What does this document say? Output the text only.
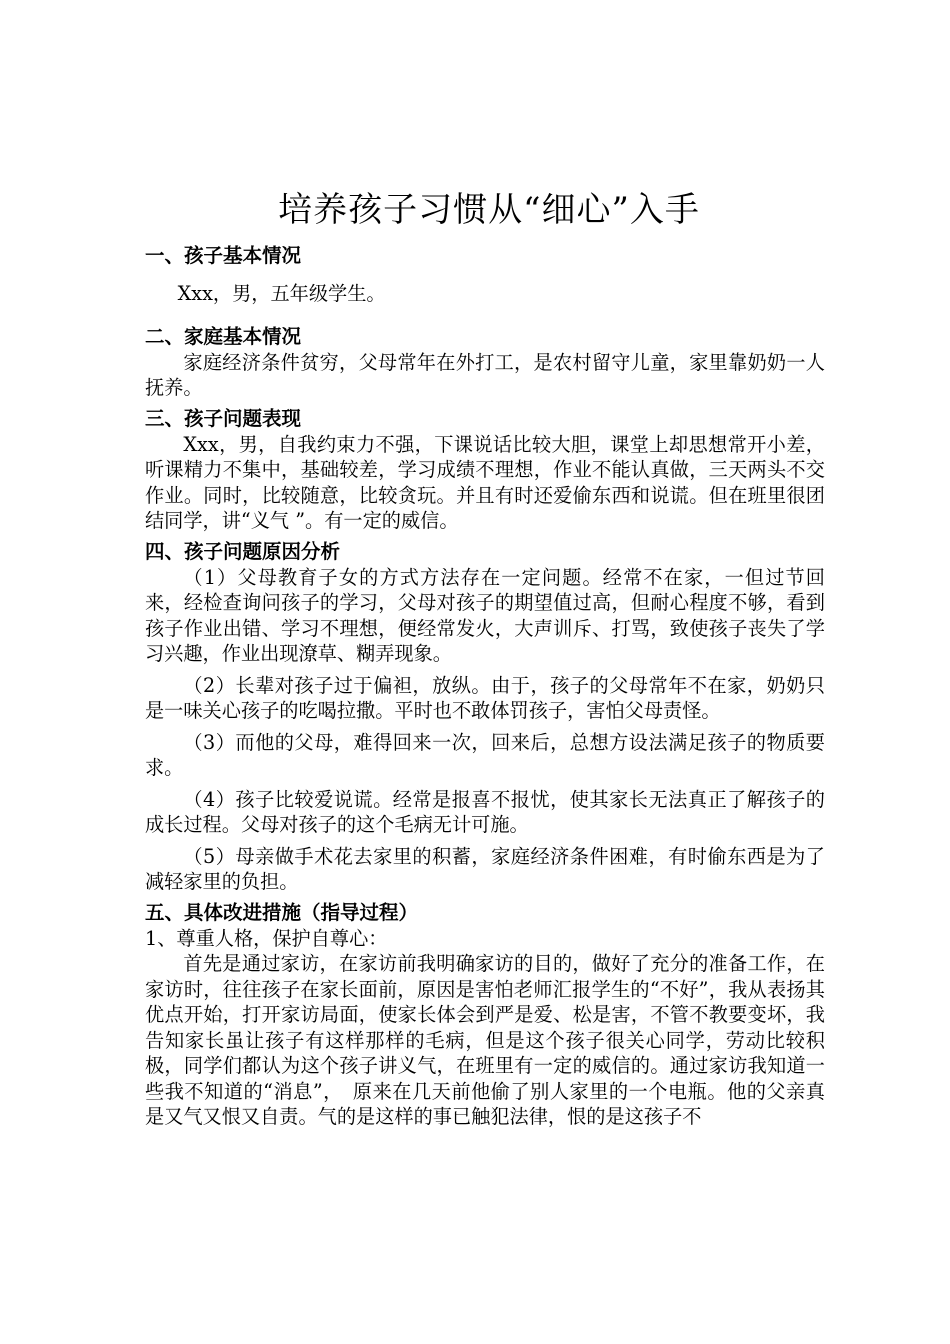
培养孩子习惯从“细心”入手
一、孩子基本情况

Xxx，男，五年级学生。

二、家庭基本情况

家庭经济条件贫穷，父母常年在外打工，是农村留守儿童，家里靠奶奶一人抚养。

三、孩子问题表现

Xxx，男，自我约束力不强，下课说话比较大胆，课堂上却思想常开小差，听课精力不集中，基础较差，学习成绩不理想，作业不能认真做，三天两头不交作业。同时，比较随意，比较贪玩。并且有时还爱偷东西和说谎。但在班里很团结同学，讲“义气 ”。有一定的威信。

四、孩子问题原因分析

（1）父母教育子女的方式方法存在一定问题。经常不在家，一但过节回来，经检查询问孩子的学习，父母对孩子的期望值过高，但耐心程度不够，看到孩子作业出错、学习不理想，便经常发火，大声训斥、打骂，致使孩子丧失了学习兴趣，作业出现潦草、糊弄现象。

（2）长辈对孩子过于偏袒，放纵。由于，孩子的父母常年不在家，奶奶只是一味关心孩子的吃喝拉撒。平时也不敢体罚孩子，害怕父母责怪。

（3）而他的父母，难得回来一次，回来后，总想方设法满足孩子的物质要求。

（4）孩子比较爱说谎。经常是报喜不报忧，使其家长无法真正了解孩子的成长过程。父母对孩子的这个毛病无计可施。

（5）母亲做手术花去家里的积蓄，家庭经济条件困难，有时偷东西是为了减轻家里的负担。

五、具体改进措施（指导过程）

1、尊重人格，保护自尊心：

首先是通过家访，在家访前我明确家访的目的，做好了充分的准备工作，在家访时，往往孩子在家长面前，原因是害怕老师汇报学生的“不好”，我从表扬其优点开始，打开家访局面，使家长体会到严是爱、松是害，不管不教要变坏，我告知家长虽让孩子有这样那样的毛病，但是这个孩子很关心同学，劳动比较积极，同学们都认为这个孩子讲义气，在班里有一定的威信的。通过家访我知道一些我不知道的“消息”，　原来在几天前他偷了别人家里的一个电瓶。他的父亲真是又气又恨又自责。气的是这样的事已触犯法律，恨的是这孩子不
